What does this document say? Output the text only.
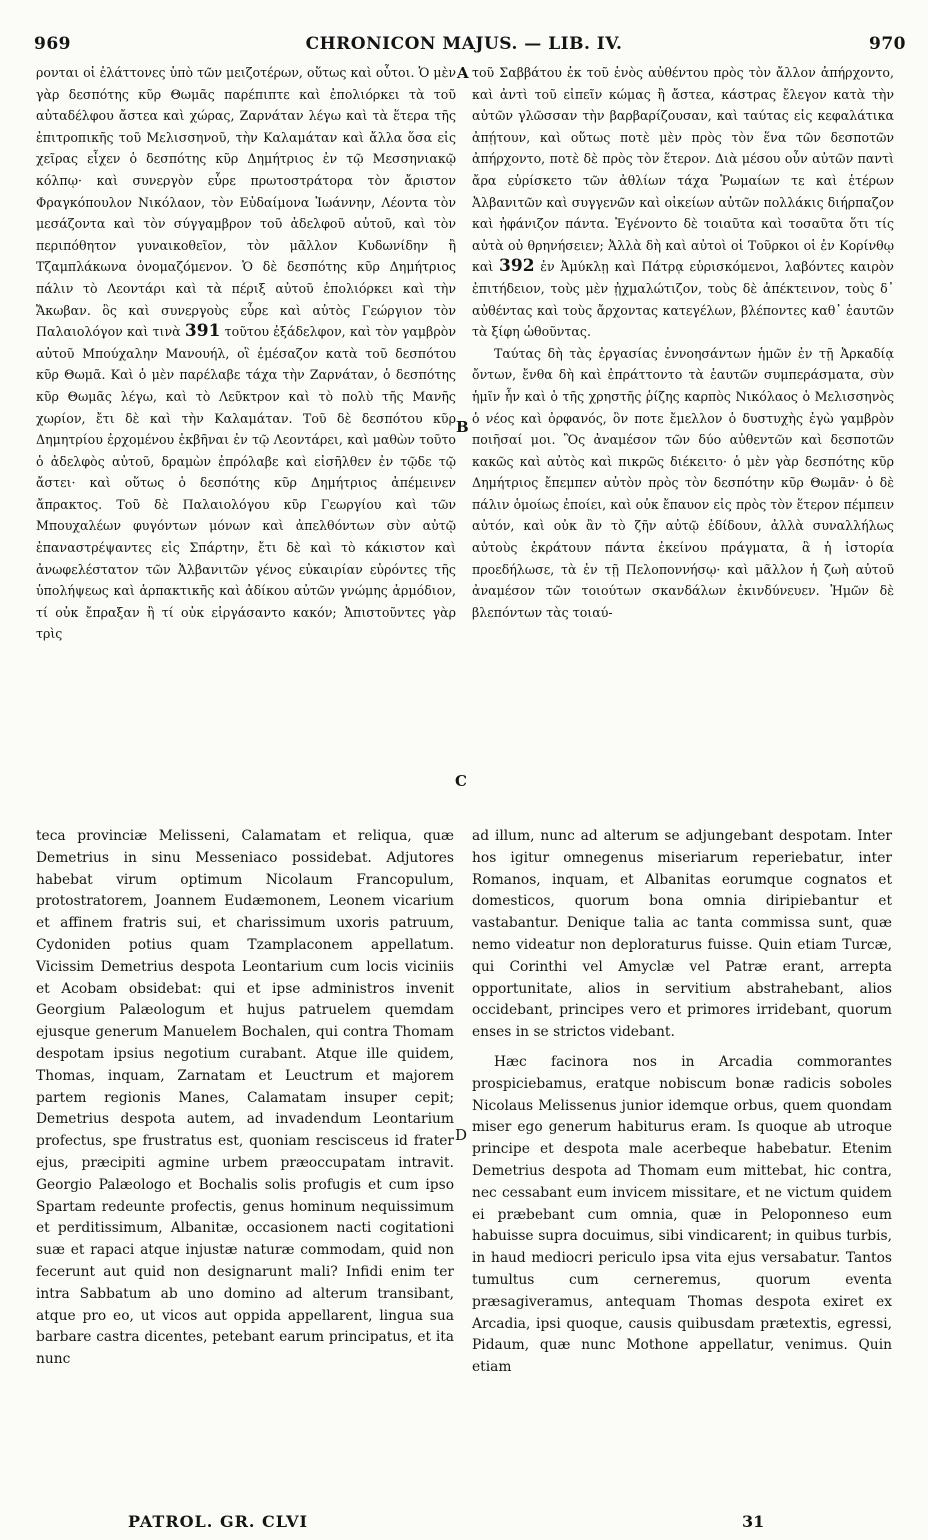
969	CHRONICON MAJUS. — LIB. IV.	970
ρονται οἱ ἐλάττονες ὑπὸ τῶν μειζοτέρων, οὕτως καὶ οὗτοι. Ὁ μὲν γὰρ δεσπότης κῦρ Θωμᾶς παρέπιπτε καὶ ἐπολιόρκει τὰ τοῦ αὐταδέλφου ἄστεα καὶ χώρας, Ζαρνάταν λέγω καὶ τὰ ἕτερα τῆς ἐπιτροπικῆς τοῦ Μελισσηνοῦ, τὴν Καλαμάταν καὶ ἄλλα ὅσα εἰς χεῖρας εἶχεν ὁ δεσπότης κῦρ Δημήτριος ἐν τῷ Μεσσηνιακῷ κόλπῳ· καὶ συνεργὸν εὗρε πρωτοστράτορα τὸν ἄριστον Φραγκόπουλον Νικόλαον, τὸν Εὐδαίμονα Ἰωάννην, Λέοντα τὸν μεσάζοντα καὶ τὸν σύγγαμβρον τοῦ ἀδελφοῦ αὐτοῦ, καὶ τὸν περιπόθητον γυναικοθεῖον, τὸν μᾶλλον Κυδωνίδην ἢ Τζαμπλάκωνα ὀνομαζόμενον. Ὁ δὲ δεσπότης κῦρ Δημήτριος πάλιν τὸ Λεοντάρι καὶ τὰ πέριξ αὐτοῦ ἐπολιόρκει καὶ τὴν Ἄκωβαν. ὃς καὶ συνεργοὺς εὗρε καὶ αὐτὸς Γεώργιον τὸν Παλαιολόγον καὶ τινὰ 391 τοῦτου ἐξάδελφον, καὶ τὸν γαμβρὸν αὐτοῦ Μπούχαλην Μανουήλ, οἳ ἐμέσαζον κατὰ τοῦ δεσπότου κῦρ Θωμᾶ. Καὶ ὁ μὲν παρέλαβε τάχα τὴν Ζαρνάταν, ὁ δεσπότης κῦρ Θωμᾶς λέγω, καὶ τὸ Λεῦκτρον καὶ τὸ πολὺ τῆς Μανῆς χωρίον, ἔτι δὲ καὶ τὴν Καλαμάταν. Τοῦ δὲ δεσπότου κῦρ Δημητρίου ἐρχομένου ἐκβῆναι ἐν τῷ Λεοντάρει, καὶ μαθὼν τοῦτο ὁ ἀδελφὸς αὐτοῦ, δραμὼν ἐπρόλαβε καὶ εἰσῆλθεν ἐν τῷδε τῷ ἄστει· καὶ οὕτως ὁ δεσπότης κῦρ Δημήτριος ἀπέμεινεν ἄπρακτος. Τοῦ δὲ Παλαιολόγου κῦρ Γεωργίου καὶ τῶν Μπουχαλέων φυγόντων μόνων καὶ ἀπελθόντων σὺν αὐτῷ ἐπαναστρέψαντες εἰς Σπάρτην, ἔτι δὲ καὶ τὸ κάκιστον καὶ ἀνωφελέστατον τῶν Ἀλβανιτῶν γένος εὐκαιρίαν εὑρόντες τῆς ὑπολήψεως καὶ ἁρπακτικῆς καὶ ἀδίκου αὐτῶν γνώμης ἁρμόδιον, τί οὐκ ἔπραξαν ἢ τί οὐκ εἰργάσαντο κακόν; Ἀπιστοῦντες γὰρ τρὶς
A
B
C
τοῦ Σαββάτου ἐκ τοῦ ἑνὸς αὐθέντου πρὸς τὸν ἄλλον ἀπήρχοντο, καὶ ἀντὶ τοῦ εἰπεῖν κώμας ἢ ἄστεα, κάστρας ἔλεγον κατὰ τὴν αὐτῶν γλῶσσαν τὴν βαρβαρίζουσαν, καὶ ταύτας εἰς κεφαλάτικα ἀπῄτουν, καὶ οὕτως ποτὲ μὲν πρὸς τὸν ἕνα τῶν δεσποτῶν ἀπήρχοντο, ποτὲ δὲ πρὸς τὸν ἕτερον. Διὰ μέσου οὖν αὐτῶν παντὶ ἄρα εὑρίσκετο τῶν ἀθλίων τάχα Ῥωμαίων τε καὶ ἑτέρων Ἀλβανιτῶν καὶ συγγενῶν καὶ οἰκείων αὐτῶν πολλάκις διήρπαζον καὶ ἠφάνιζον πάντα. Ἐγένοντο δὲ τοιαῦτα καὶ τοσαῦτα ὅτι τίς αὐτὰ οὐ θρηνήσειεν; Ἀλλὰ δὴ καὶ αὐτοὶ οἱ Τοῦρκοι οἱ ἐν Κορίνθῳ καὶ 392 ἐν Ἀμύκλῃ καὶ Πάτρᾳ εὑρισκόμενοι, λαβόντες καιρὸν ἐπιτήδειον, τοὺς μὲν ᾐχμαλώτιζον, τοὺς δὲ ἀπέκτεινον, τοὺς δ᾽ αὐθέντας καὶ τοὺς ἄρχοντας κατεγέλων, βλέποντες καθ᾽ ἑαυτῶν τὰ ξίφη ὠθοῦντας.
Ταύτας δὴ τὰς ἐργασίας ἐννοησάντων ἡμῶν ἐν τῇ Ἀρκαδίᾳ ὄντων, ἔνθα δὴ καὶ ἐπράττοντο τὰ ἑαυτῶν συμπεράσματα, σὺν ἡμῖν ἦν καὶ ὁ τῆς χρηστῆς ῥίζης καρπὸς Νικόλαος ὁ Μελισσηνὸς ὁ νέος καὶ ὀρφανός, ὃν ποτε ἔμελλον ὁ δυστυχὴς ἐγὼ γαμβρὸν ποιῆσαί μοι. Ὃς ἀναμέσον τῶν δύο αὐθεντῶν καὶ δεσποτῶν κακῶς καὶ αὐτὸς καὶ πικρῶς διέκειτο· ὁ μὲν γὰρ δεσπότης κῦρ Δημήτριος ἔπεμπεν αὐτὸν πρὸς τὸν δεσπότην κῦρ Θωμᾶν· ὁ δὲ πάλιν ὁμοίως ἐποίει, καὶ οὐκ ἔπαυον εἰς πρὸς τὸν ἕτερον πέμπειν αὐτόν, καὶ οὐκ ἂν τὸ ζῆν αὐτῷ ἐδίδουν, ἀλλὰ συναλλήλως αὐτοὺς ἐκράτουν πάντα ἐκείνου πράγματα, ἃ ἡ ἱστορία προεδήλωσε, τὰ ἐν τῇ Πελοποννήσῳ· καὶ μᾶλλον ἡ ζωὴ αὐτοῦ ἀναμέσον τῶν τοιούτων σκανδάλων ἐκινδύνευεν. Ἡμῶν δὲ βλεπόντων τὰς τοιαύ-

teca provinciæ Melisseni, Calamatam et reliqua, quæ Demetrius in sinu Messeniaco possidebat. Adjutores habebat virum optimum Nicolaum Francopulum, protostratorem, Joannem Eudæmonem, Leonem vicarium et affinem fratris sui, et charissimum uxoris patruum, Cydoniden potius quam Tzamplaconem appellatum. Vicissim Demetrius despota Leontarium cum locis viciniis et Acobam obsidebat: qui et ipse administros invenit Georgium Palæologum et hujus patruelem quemdam ejusque generum Manuelem Bochalen, qui contra Thomam despotam ipsius negotium curabant. Atque ille quidem, Thomas, inquam, Zarnatam et Leuctrum et majorem partem regionis Manes, Calamatam insuper cepit; Demetrius despota autem, ad invadendum Leontarium profectus, spe frustratus est, quoniam rescisceus id frater ejus, præcipiti agmine urbem præoccupatam intravit. Georgio Palæologo et Bochalis solis profugis et cum ipso Spartam redeunte profectis, genus hominum nequissimum et perditissimum, Albanitæ, occasionem nacti cogitationi suæ et rapaci atque injustæ naturæ commodam, quid non fecerunt aut quid non designarunt mali? Infidi enim ter intra Sabbatum ab uno domino ad alterum transibant, atque pro eo, ut vicos aut oppida appellarent, lingua sua barbare castra dicentes, petebant earum principatus, et ita nunc

D

ad illum, nunc ad alterum se adjungebant despotam. Inter hos igitur omnegenus miseriarum reperiebatur, inter Romanos, inquam, et Albanitas eorumque cognatos et domesticos, quorum bona omnia diripiebantur et vastabantur. Denique talia ac tanta commissa sunt, quæ nemo videatur non deploraturus fuisse. Quin etiam Turcæ, qui Corinthi vel Amyclæ vel Patræ erant, arrepta opportunitate, alios in servitium abstrahebant, alios occidebant, principes vero et primores irridebant, quorum enses in se strictos videbant.

Hæc facinora nos in Arcadia commorantes prospiciebamus, eratque nobiscum bonæ radicis soboles Nicolaus Melissenus junior idemque orbus, quem quondam miser ego generum habiturus eram. Is quoque ab utroque principe et despota male acerbeque habebatur. Etenim Demetrius despota ad Thomam eum mittebat, hic contra, nec cessabant eum invicem missitare, et ne victum quidem ei præbebant cum omnia, quæ in Peloponneso eum habuisse supra docuimus, sibi vindicarent; in quibus turbis, in haud mediocri periculo ipsa vita ejus versabatur. Tantos tumultus cum cerneremus, quorum eventa præsagiveramus, antequam Thomas despota exiret ex Arcadia, ipsi quoque, causis quibusdam prætextis, egressi, Pidaum, quæ nunc Mothone appellatur, venimus. Quin etiam

PATROL. GR. CLVI	31
